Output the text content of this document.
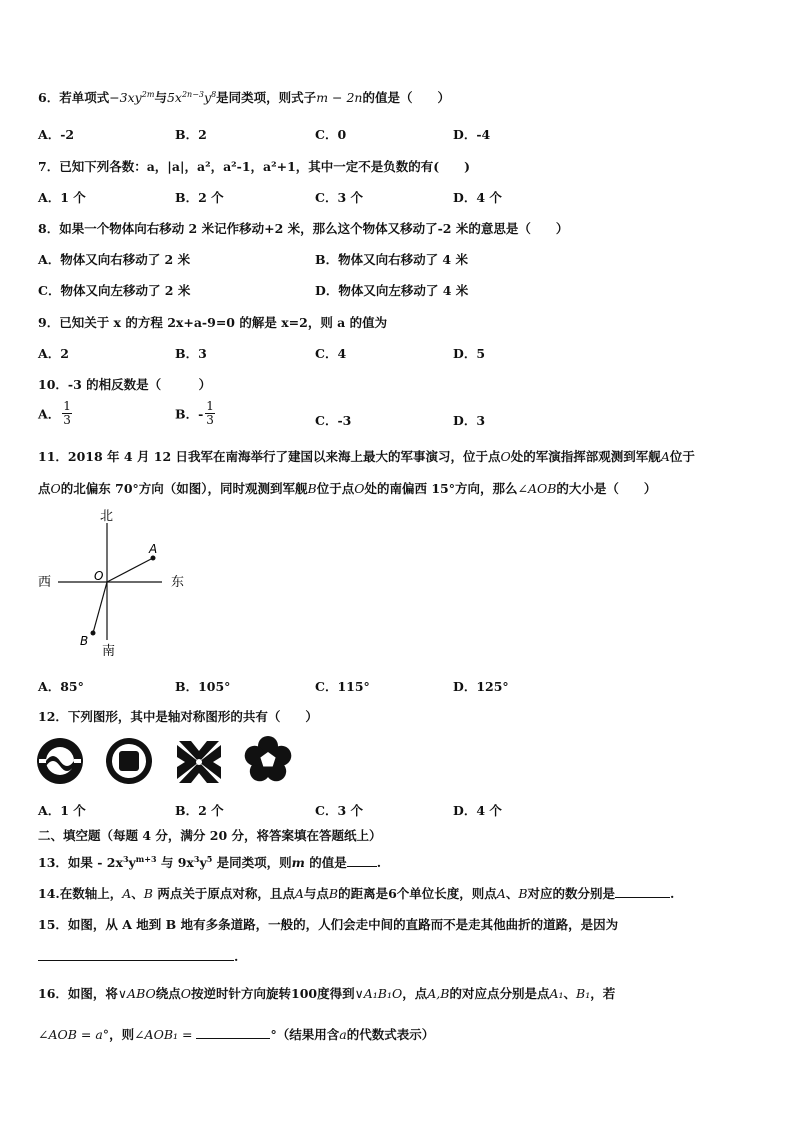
6．若单项式$-3xy^{2m}$与$5x^{2n-3}y^8$是同类项，则式子m − 2n的值是（　　）
A．-2	B．2	C．0	D．-4
7．已知下列各数：a，|a|，a²，a²-1，a²+1，其中一定不是负数的有(　　)
A．1 个	B．2 个	C．3 个	D．4 个
8．如果一个物体向右移动 2 米记作移动+2 米，那么这个物体又移动了-2 米的意思是（　　）
A．物体又向右移动了 2 米	B．物体又向右移动了 4 米
C．物体又向左移动了 2 米	D．物体又向左移动了 4 米
9．已知关于 x 的方程 2x+a-9=0 的解是 x=2，则 a 的值为
A．2	B．3	C．4	D．5
10．-3 的相反数是（　　　）
A． $\frac{1}{3}$	B．- $\frac{1}{3}$	C．-3	D．3
11．2018 年 4 月 12 日我军在南海举行了建国以来海上最大的军事演习，位于点O处的军演指挥部观测到军舰A位于
点O的北偏东 70°方向（如图），同时观测到军舰B位于点O处的南偏西 15°方向，那么∠AOB的大小是（　　）
北
南
东
西	O
A
B
A．85°	B．105°	C．115°	D．125°
12．下列图形，其中是轴对称图形的共有（　　）
A．1 个	B．2 个	C．3 个	D．4 个
二、填空题（每题 4 分，满分 20 分，将答案填在答题纸上）
13．如果 - $2x^3y^{m+3}$ 与 $9x^3y^5$ 是同类项，则m 的值是 .
14.在数轴上，A、B 两点关于原点对称，且点A与点B的距离是6个单位长度，则点A、B对应的数分别是	.
15．如图，从 A 地到 B 地有多条道路，一般的，人们会走中间的直路而不是走其他曲折的道路，是因为
.
16．如图，将∨ABO绕点O按逆时针方向旋转100度得到∨A₁B₁O，点A,B的对应点分别是点A₁、B₁，若
∠AOB = a°，则∠AOB₁ =	°（结果用含a的代数式表示）
